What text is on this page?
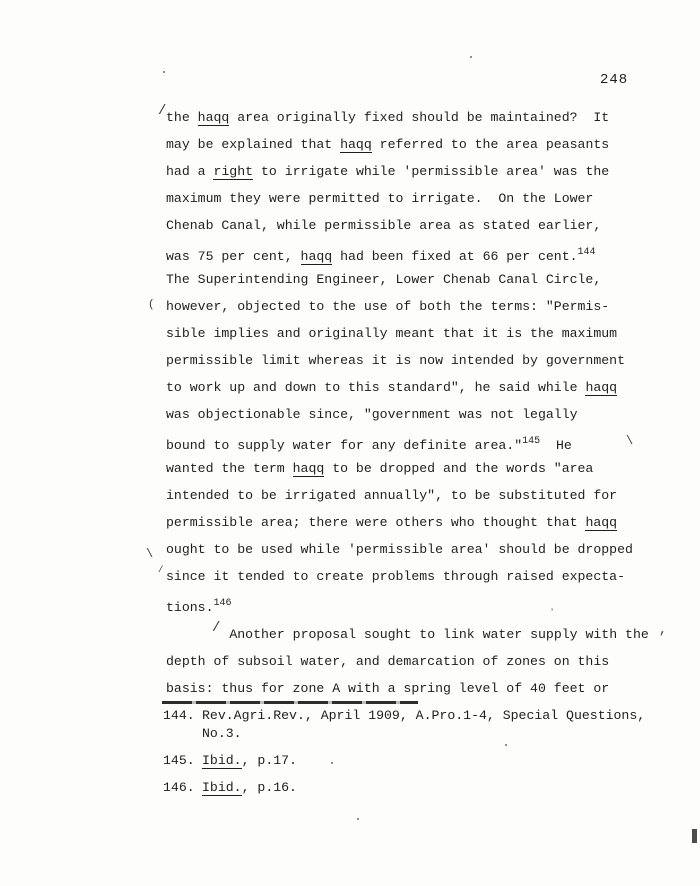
248
the haqq area originally fixed should be maintained?  It
may be explained that haqq referred to the area peasants
had a right to irrigate while 'permissible area' was the
maximum they were permitted to irrigate.  On the Lower
Chenab Canal, while permissible area as stated earlier,
was 75 per cent, haqq had been fixed at 66 per cent.$^{144}$
The Superintending Engineer, Lower Chenab Canal Circle,
however, objected to the use of both the terms: "Permis-
sible implies and originally meant that it is the maximum
permissible limit whereas it is now intended by government
to work up and down to this standard", he said while haqq
was objectionable since, "government was not legally
bound to supply water for any definite area."$^{145}$  He
wanted the term haqq to be dropped and the words "area
intended to be irrigated annually", to be substituted for
permissible area; there were others who thought that haqq
ought to be used while 'permissible area' should be dropped
since it tended to create problems through raised expecta-
tions.$^{146}$
Another proposal sought to link water supply with the
depth of subsoil water, and demarcation of zones on this
basis: thus for zone A with a spring level of 40 feet or
144. Rev.Agri.Rev., April 1909, A.Pro.1-4, Special Questions,
No.3.
145. Ibid., p.17.
146. Ibid., p.16.
/
(
\
/
/
\
ʼ
,
